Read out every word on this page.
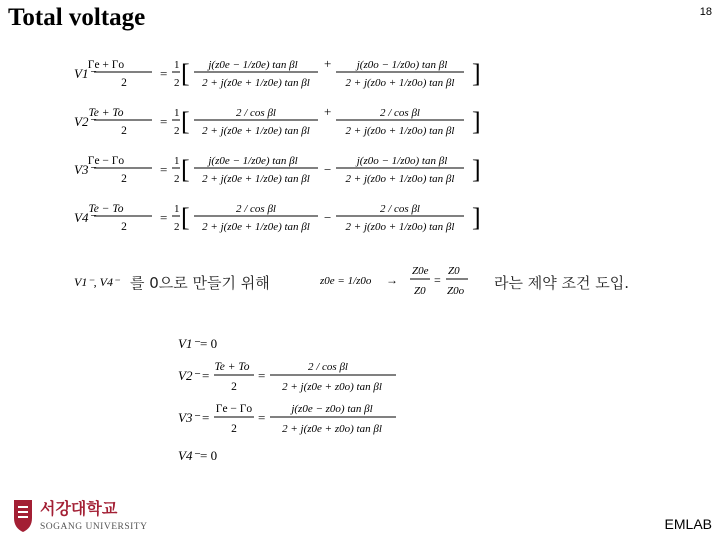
Total voltage	18
V1⁻
Γe + Γo
2
=
1
2 [ j(z0e − 1/z0e) tan βl
2 + j(z0e + 1/z0e) tan βl
+ j(z0o − 1/z0o) tan βl
2 + j(z0o + 1/z0o) tan βl ]
V2⁻
Te + To
2
=
1
2 [	2 / cos βl
2 + j(z0e + 1/z0e) tan βl
+	2 / cos βl
2 + j(z0o + 1/z0o) tan βl ]
V3⁻
Γe − Γo
2
=
1
2 [ j(z0e − 1/z0e) tan βl
2 + j(z0e + 1/z0e) tan βl
−
j(z0o − 1/z0o) tan βl
2 + j(z0o + 1/z0o) tan βl ]
V4⁻
Te − To
2
=
1
2 [	2 / cos βl
2 + j(z0e + 1/z0e) tan βl
−
2 / cos βl
2 + j(z0o + 1/z0o) tan βl ]
V1⁻, V4⁻ 를 0으로 만들기 위해	z0e = 1/z0o →
Z0e
Z0
=
Z0
Z0o 라는 제약 조건 도입.
V1⁻ = 0
V2⁻ =
Te + To
2
=
2 / cos βl
2 + j(z0e + z0o) tan βl
V3⁻ =
Γe − Γo
2
=
j(z0e − z0o) tan βl
2 + j(z0e + z0o) tan βl
V4⁻ = 0
서강대학교
SOGANG UNIVERSITY	EMLAB
